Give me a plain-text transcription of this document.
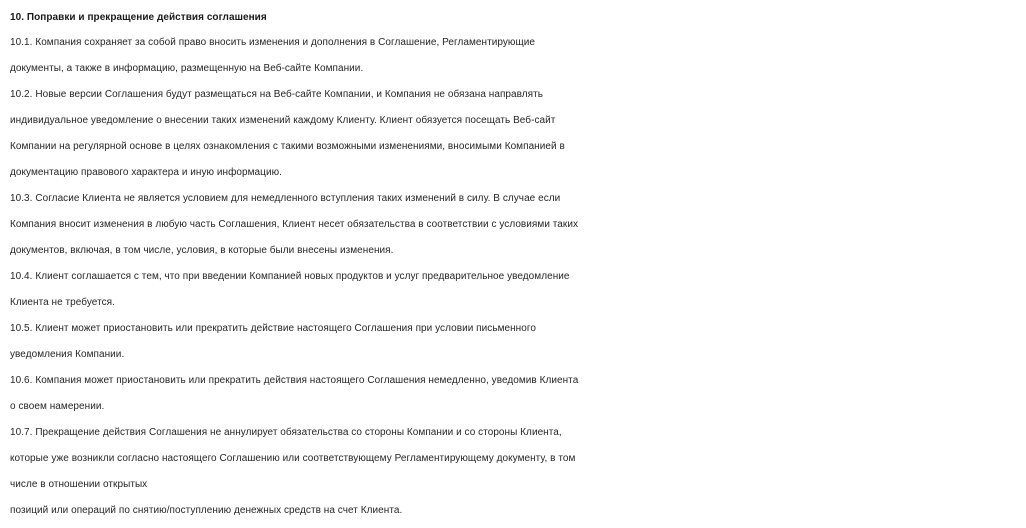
10. Поправки и прекращение действия соглашения

10.1. Компания сохраняет за собой право вносить изменения и дополнения в Соглашение, Регламентирующие
документы, а также в информацию, размещенную на Веб-сайте Компании.

10.2. Новые версии Соглашения будут размещаться на Веб-сайте Компании, и Компания не обязана направлять
индивидуальное уведомление о внесении таких изменений каждому Клиенту. Клиент обязуется посещать Веб-сайт
Компании на регулярной основе в целях ознакомления с такими возможными изменениями, вносимыми Компанией в
документацию правового характера и иную информацию.

10.3. Согласие Клиента не является условием для немедленного вступления таких изменений в силу. В случае если
Компания вносит изменения в любую часть Соглашения, Клиент несет обязательства в соответствии с условиями таких
документов, включая, в том числе, условия, в которые были внесены изменения.

10.4. Клиент соглашается с тем, что при введении Компанией новых продуктов и услуг предварительное уведомление
Клиента не требуется.

10.5. Клиент может приостановить или прекратить действие настоящего Соглашения при условии письменного
уведомления Компании.

10.6. Компания может приостановить или прекратить действия настоящего Соглашения немедленно, уведомив Клиента
о своем намерении.

10.7. Прекращение действия Соглашения не аннулирует обязательства со стороны Компании и со стороны Клиента,
которые уже возникли согласно настоящего Соглашению или соответствующему Регламентирующему документу, в том
числе в отношении открытых
позиций или операций по снятию/поступлению денежных средств на счет Клиента.
